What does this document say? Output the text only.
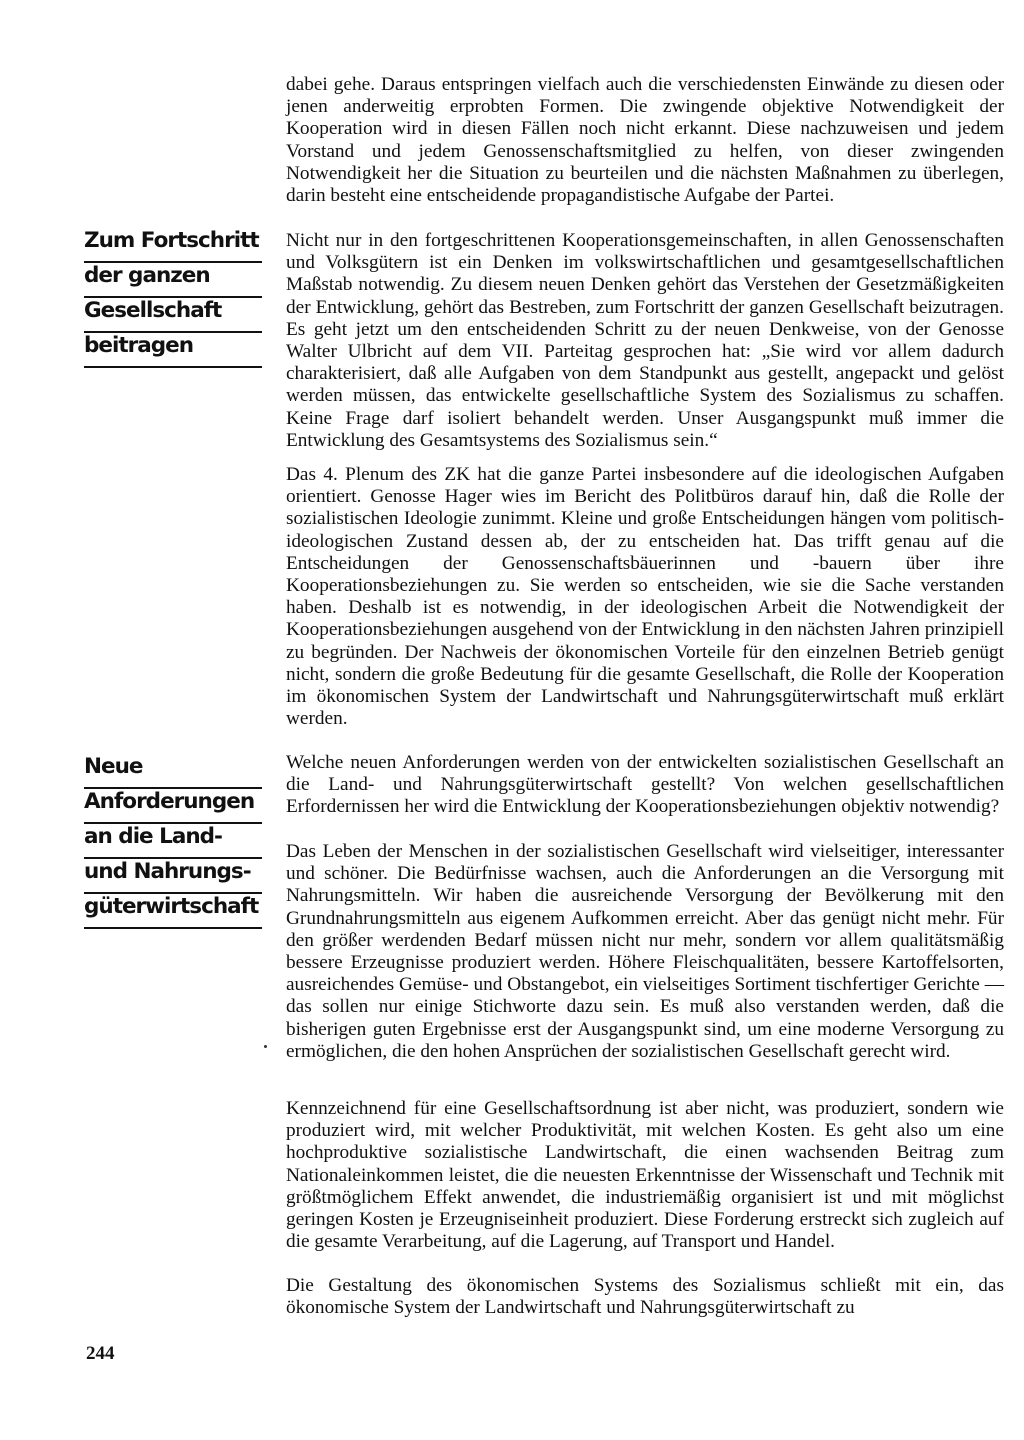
Zum Fortschritt
der ganzen
Gesellschaft
beitragen
Neue
Anforderungen
an die Land-
und Nahrungs-
güterwirtschaft

dabei gehe. Daraus entspringen vielfach auch die verschiedensten Einwände zu diesen oder jenen anderweitig erprobten Formen. Die zwingende objektive Notwendigkeit der Kooperation wird in diesen Fällen noch nicht erkannt. Diese nachzuweisen und jedem Vorstand und jedem Genossenschaftsmitglied zu helfen, von dieser zwingenden Notwendigkeit her die Situation zu beurteilen und die nächsten Maßnahmen zu überlegen, darin besteht eine entscheidende propagandistische Aufgabe der Partei.

Nicht nur in den fortgeschrittenen Kooperationsgemeinschaften, in allen Genossenschaften und Volksgütern ist ein Denken im volkswirtschaftlichen und gesamtgesellschaftlichen Maßstab notwendig. Zu diesem neuen Denken gehört das Verstehen der Gesetzmäßigkeiten der Entwicklung, gehört das Bestreben, zum Fortschritt der ganzen Gesellschaft beizutragen. Es geht jetzt um den entscheidenden Schritt zu der neuen Denkweise, von der Genosse Walter Ulbricht auf dem VII. Parteitag gesprochen hat: „Sie wird vor allem dadurch charakterisiert, daß alle Aufgaben von dem Standpunkt aus gestellt, angepackt und gelöst werden müssen, das entwickelte gesellschaftliche System des Sozialismus zu schaffen. Keine Frage darf isoliert behandelt werden. Unser Ausgangspunkt muß immer die Entwicklung des Gesamtsystems des Sozialismus sein.“

Das 4. Plenum des ZK hat die ganze Partei insbesondere auf die ideologischen Aufgaben orientiert. Genosse Hager wies im Bericht des Politbüros darauf hin, daß die Rolle der sozialistischen Ideologie zunimmt. Kleine und große Entscheidungen hängen vom politisch-ideologischen Zustand dessen ab, der zu entscheiden hat. Das trifft genau auf die Entscheidungen der Genossenschaftsbäuerinnen und -bauern über ihre Kooperationsbeziehungen zu. Sie werden so entscheiden, wie sie die Sache verstanden haben. Deshalb ist es notwendig, in der ideologischen Arbeit die Notwendigkeit der Kooperationsbeziehungen ausgehend von der Entwicklung in den nächsten Jahren prinzipiell zu begründen. Der Nachweis der ökonomischen Vorteile für den einzelnen Betrieb genügt nicht, sondern die große Bedeutung für die gesamte Gesellschaft, die Rolle der Kooperation im ökonomischen System der Landwirtschaft und Nahrungsgüterwirtschaft muß erklärt werden.

Welche neuen Anforderungen werden von der entwickelten sozialistischen Gesellschaft an die Land- und Nahrungsgüterwirtschaft gestellt? Von welchen gesellschaftlichen Erfordernissen her wird die Entwicklung der Kooperationsbeziehungen objektiv notwendig?

Das Leben der Menschen in der sozialistischen Gesellschaft wird vielseitiger, interessanter und schöner. Die Bedürfnisse wachsen, auch die Anforderungen an die Versorgung mit Nahrungsmitteln. Wir haben die ausreichende Versorgung der Bevölkerung mit den Grundnahrungsmitteln aus eigenem Aufkommen erreicht. Aber das genügt nicht mehr. Für den größer werdenden Bedarf müssen nicht nur mehr, sondern vor allem qualitätsmäßig bessere Erzeugnisse produziert werden. Höhere Fleischqualitäten, bessere Kartoffelsorten, ausreichendes Gemüse- und Obstangebot, ein vielseitiges Sortiment tischfertiger Gerichte — das sollen nur einige Stichworte dazu sein. Es muß also verstanden werden, daß die bisherigen guten Ergebnisse erst der Ausgangspunkt sind, um eine moderne Versorgung zu ermöglichen, die den hohen Ansprüchen der sozialistischen Gesellschaft gerecht wird.

Kennzeichnend für eine Gesellschaftsordnung ist aber nicht, was produziert, sondern wie produziert wird, mit welcher Produktivität, mit welchen Kosten. Es geht also um eine hochproduktive sozialistische Landwirtschaft, die einen wachsenden Beitrag zum Nationaleinkommen leistet, die die neuesten Erkenntnisse der Wissenschaft und Technik mit größtmöglichem Effekt anwendet, die industriemäßig organisiert ist und mit möglichst geringen Kosten je Erzeugniseinheit produziert. Diese Forderung erstreckt sich zugleich auf die gesamte Verarbeitung, auf die Lagerung, auf Transport und Handel.

Die Gestaltung des ökonomischen Systems des Sozialismus schließt mit ein, das ökonomische System der Landwirtschaft und Nahrungsgüterwirtschaft zu

244
